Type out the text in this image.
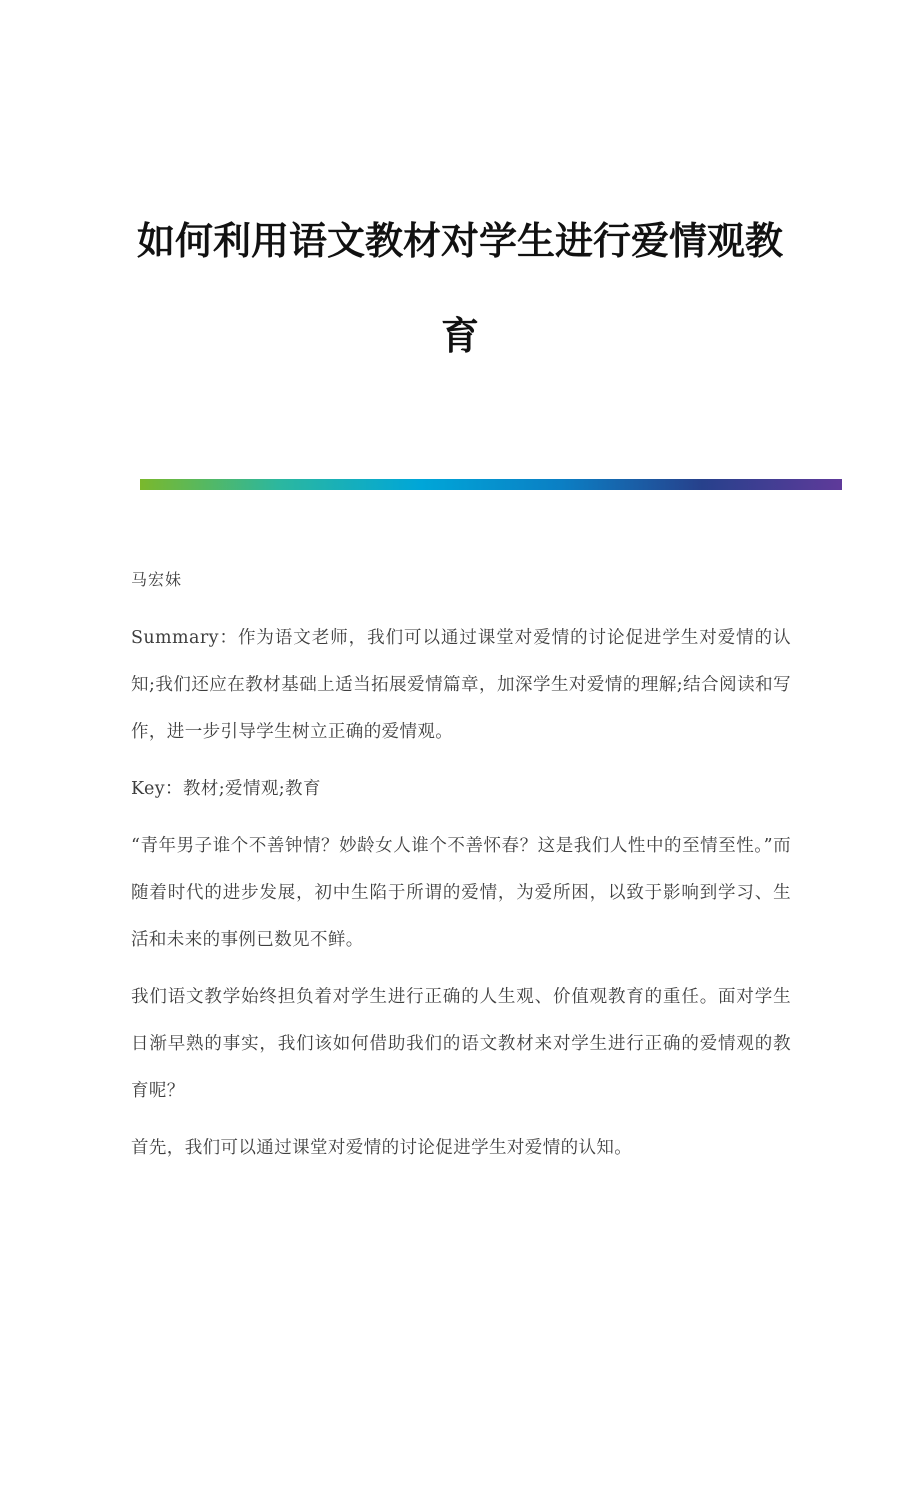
如何利用语文教材对学生进行爱情观教育
马宏妹

Summary：作为语文老师，我们可以通过课堂对爱情的讨论促进学生对爱情的认知;我们还应在教材基础上适当拓展爱情篇章，加深学生对爱情的理解;结合阅读和写作，进一步引导学生树立正确的爱情观。

Key：教材;爱情观;教育

“青年男子谁个不善钟情？妙龄女人谁个不善怀春？这是我们人性中的至情至性。”而随着时代的进步发展，初中生陷于所谓的爱情，为爱所困，以致于影响到学习、生活和未来的事例已数见不鲜。

我们语文教学始终担负着对学生进行正确的人生观、价值观教育的重任。面对学生日渐早熟的事实，我们该如何借助我们的语文教材来对学生进行正确的爱情观的教育呢？

首先，我们可以通过课堂对爱情的讨论促进学生对爱情的认知。
